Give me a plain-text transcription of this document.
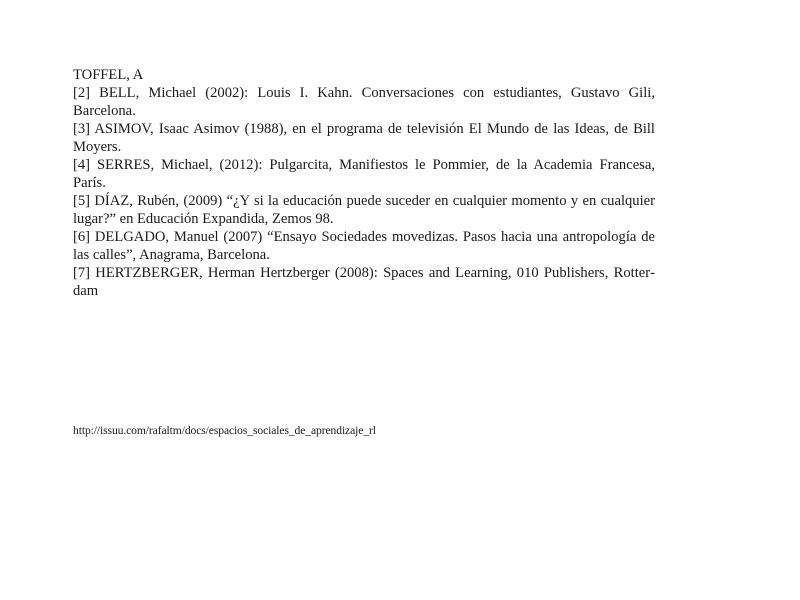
TOFFEL, A

[2] BELL, Michael (2002): Louis I. Kahn. Conversaciones con estudiantes, Gustavo Gili, Barcelona.

[3] ASIMOV, Isaac Asimov (1988), en el programa de televisión El Mundo de las Ideas, de Bill Moyers.

[4] SERRES, Michael, (2012): Pulgarcita, Manifiestos le Pommier, de la Academia Francesa, París.

[5] DÍAZ, Rubén, (2009) “¿Y si la educación puede suceder en cualquier momento y en cualquier lugar?” en Educación Expandida, Zemos 98.

[6] DELGADO, Manuel (2007) “Ensayo Sociedades movedizas. Pasos hacia una antropología de las calles”, Anagrama, Barcelona.

[7] HERTZBERGER, Herman Hertzberger (2008): Spaces and Learning, 010 Publishers, Rotterdam

http://issuu.com/rafaltm/docs/espacios_sociales_de_aprendizaje_rl
